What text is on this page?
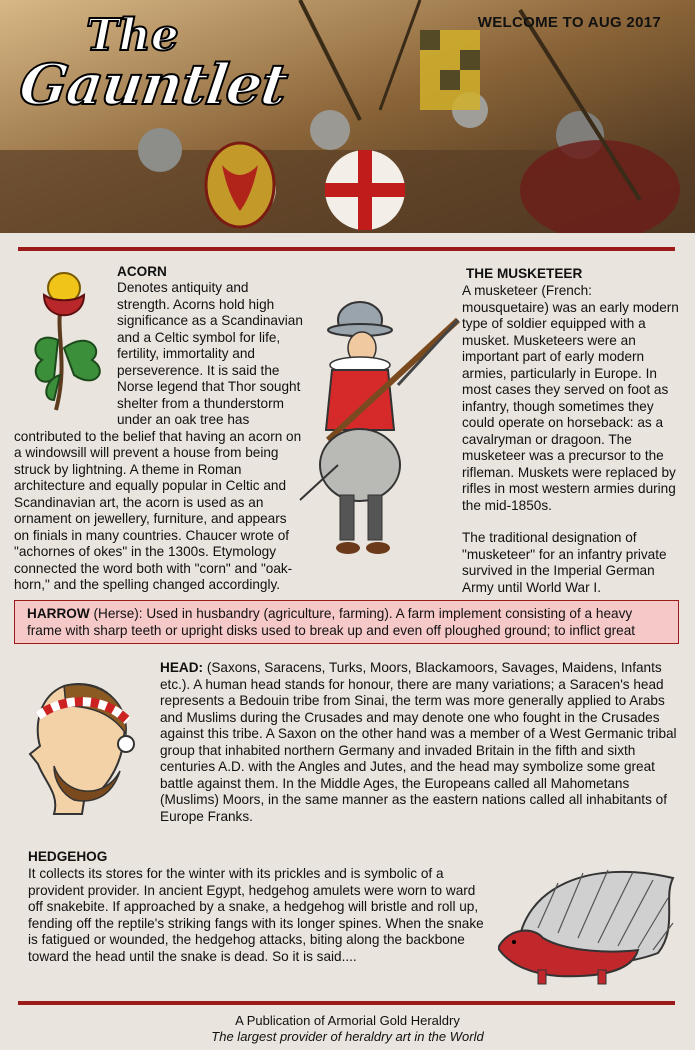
The
Gauntlet
WELCOME TO AUG 2017
ACORN
Denotes antiquity and strength. Acorns hold high significance as a Scandinavian and a Celtic symbol for life, fertility, immortality and perseverence. It is said the Norse legend that Thor sought shelter from a thunderstorm under an oak tree has contributed to the belief that having an acorn on a windowsill will prevent a house from being struck by lightning. A theme in Roman architecture and equally popular in Celtic and Scandinavian art, the acorn is used as an ornament on jewellery, furniture, and appears on finials in many countries. Chaucer wrote of "achornes of okes" in the 1300s. Etymology connected the word both with "corn" and "oak-horn," and the spelling changed accordingly.
THE MUSKETEER
A musketeer (French: mousquetaire) was an early modern type of soldier equipped with a musket. Musketeers were an important part of early modern armies, particularly in Europe. In most cases they served on foot as infantry, though sometimes they could operate on horseback: as a cavalryman or dragoon. The musketeer was a precursor to the rifleman. Muskets were replaced by rifles in most western armies during the mid-1850s.
The traditional designation of "musketeer" for an infantry private survived in the Imperial German Army until World War I.
HARROW (Herse): Used in husbandry (agriculture, farming). A farm implement consisting of a heavy frame with sharp teeth or upright disks used to break up and even off ploughed ground; to inflict great
HEAD: (Saxons, Saracens, Turks, Moors, Blackamoors, Savages, Maidens, Infants etc.). A human head stands for honour, there are many variations; a Saracen's head represents a Bedouin tribe from Sinai, the term was more generally applied to Arabs and Muslims during the Crusades and may denote one who fought in the Crusades against this tribe. A Saxon on the other hand was a member of a West Germanic tribal group that inhabited northern Germany and invaded Britain in the fifth and sixth centuries A.D. with the Angles and Jutes, and the head may symbolize some great battle against them. In the Middle Ages, the Europeans called all Mahometans (Muslims) Moors, in the same manner as the eastern nations called all inhabitants of Europe Franks.
HEDGEHOG
It collects its stores for the winter with its prickles and is symbolic of a provident provider. In ancient Egypt, hedgehog amulets were worn to ward off snakebite. If approached by a snake, a hedgehog will bristle and roll up, fending off the reptile's striking fangs with its longer spines. When the snake is fatigued or wounded, the hedgehog attacks, biting along the backbone toward the head until the snake is dead. So it is said....
A Publication of Armorial Gold Heraldry
The largest provider of heraldry art in the World
